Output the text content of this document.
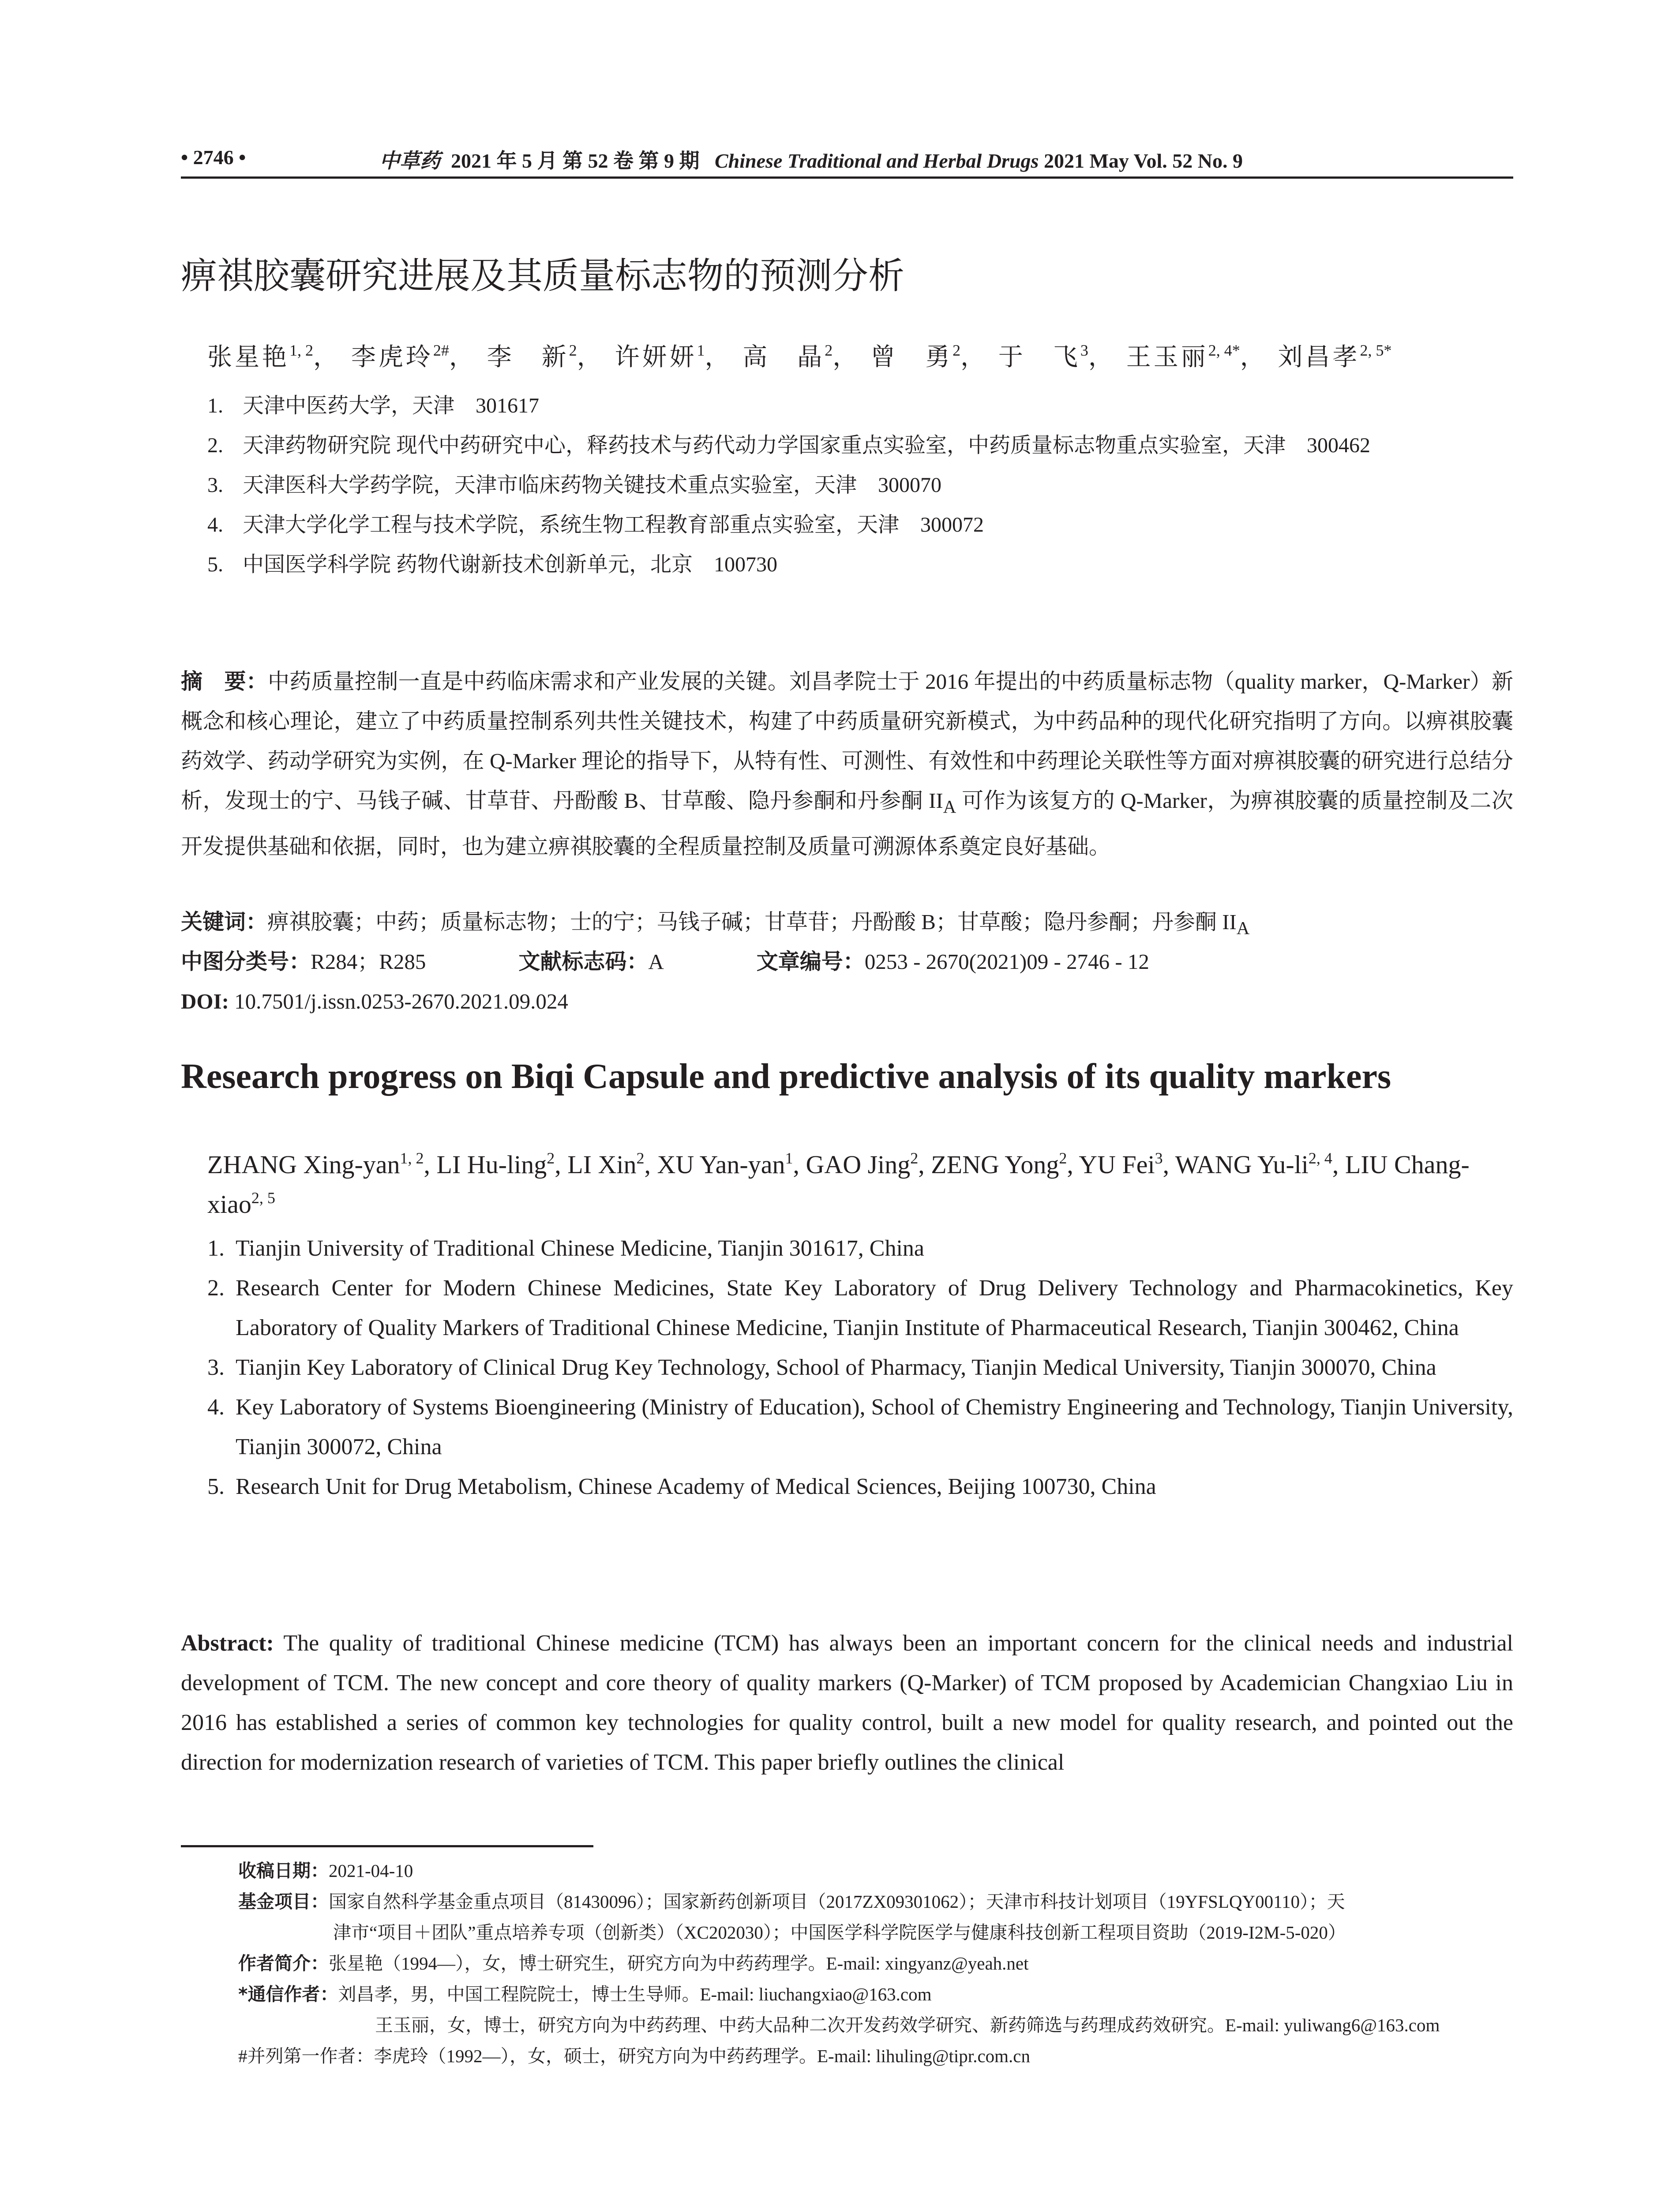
• 2746 •	中草药 2021 年 5 月 第 52 卷 第 9 期 Chinese Traditional and Herbal Drugs 2021 May Vol. 52 No. 9
痹祺胶囊研究进展及其质量标志物的预测分析
张星艳$^{1, 2}$， 李虎玲$^{2\#}$， 李　新$^2$， 许妍妍$^1$， 高　晶$^2$， 曾　勇$^2$， 于　飞$^3$， 王玉丽$^{2, 4*}$， 刘昌孝$^{2, 5*}$
1. 天津中医药大学，天津　301617
2. 天津药物研究院 现代中药研究中心，释药技术与药代动力学国家重点实验室，中药质量标志物重点实验室，天津　300462
3. 天津医科大学药学院，天津市临床药物关键技术重点实验室，天津　300070
4. 天津大学化学工程与技术学院，系统生物工程教育部重点实验室，天津　300072
5. 中国医学科学院 药物代谢新技术创新单元，北京　100730
摘　要：中药质量控制一直是中药临床需求和产业发展的关键。刘昌孝院士于 2016 年提出的中药质量标志物（quality marker，Q-Marker）新概念和核心理论，建立了中药质量控制系列共性关键技术，构建了中药质量研究新模式，为中药品种的现代化研究指明了方向。以痹祺胶囊药效学、药动学研究为实例，在 Q-Marker 理论的指导下，从特有性、可测性、有效性和中药理论关联性等方面对痹祺胶囊的研究进行总结分析，发现士的宁、马钱子碱、甘草苷、丹酚酸 B、甘草酸、隐丹参酮和丹参酮 $II_A$ 可作为该复方的 Q-Marker，为痹祺胶囊的质量控制及二次开发提供基础和依据，同时，也为建立痹祺胶囊的全程质量控制及质量可溯源体系奠定良好基础。
关键词：痹祺胶囊；中药；质量标志物；士的宁；马钱子碱；甘草苷；丹酚酸 B；甘草酸；隐丹参酮；丹参酮 $II_A$
中图分类号：R284；R285	文献标志码：A	文章编号：0253 - 2670(2021)09 - 2746 - 12
DOI: 10.7501/j.issn.0253-2670.2021.09.024
Research progress on Biqi Capsule and predictive analysis of its quality markers
ZHANG Xing-yan$^{1, 2}$, LI Hu-ling$^2$, LI Xin$^2$, XU Yan-yan$^1$, GAO Jing$^2$, ZENG Yong$^2$, YU Fei$^3$, WANG Yu-li$^{2, 4}$, LIU Chang-xiao$^{2, 5}$
1. Tianjin University of Traditional Chinese Medicine, Tianjin 301617, China
2. Research Center for Modern Chinese Medicines, State Key Laboratory of Drug Delivery Technology and Pharmacokinetics, Key Laboratory of Quality Markers of Traditional Chinese Medicine, Tianjin Institute of Pharmaceutical Research, Tianjin 300462, China
3. Tianjin Key Laboratory of Clinical Drug Key Technology, School of Pharmacy, Tianjin Medical University, Tianjin 300070, China
4. Key Laboratory of Systems Bioengineering (Ministry of Education), School of Chemistry Engineering and Technology, Tianjin University, Tianjin 300072, China
5. Research Unit for Drug Metabolism, Chinese Academy of Medical Sciences, Beijing 100730, China
Abstract: The quality of traditional Chinese medicine (TCM) has always been an important concern for the clinical needs and industrial development of TCM. The new concept and core theory of quality markers (Q-Marker) of TCM proposed by Academician Changxiao Liu in 2016 has established a series of common key technologies for quality control, built a new model for quality research, and pointed out the direction for modernization research of varieties of TCM. This paper briefly outlines the clinical
收稿日期：2021-04-10
基金项目：国家自然科学基金重点项目（81430096）；国家新药创新项目（2017ZX09301062）；天津市科技计划项目（19YFSLQY00110）；天
津市“项目＋团队”重点培养专项（创新类）（XC202030）；中国医学科学院医学与健康科技创新工程项目资助（2019-I2M-5-020）
作者简介：张星艳（1994—），女，博士研究生，研究方向为中药药理学。E-mail: xingyanz@yeah.net
*通信作者：刘昌孝，男，中国工程院院士，博士生导师。E-mail: liuchangxiao@163.com
王玉丽，女，博士，研究方向为中药药理、中药大品种二次开发药效学研究、新药筛选与药理成药效研究。E-mail: yuliwang6@163.com
#并列第一作者：李虎玲（1992—），女，硕士，研究方向为中药药理学。E-mail: lihuling@tipr.com.cn
